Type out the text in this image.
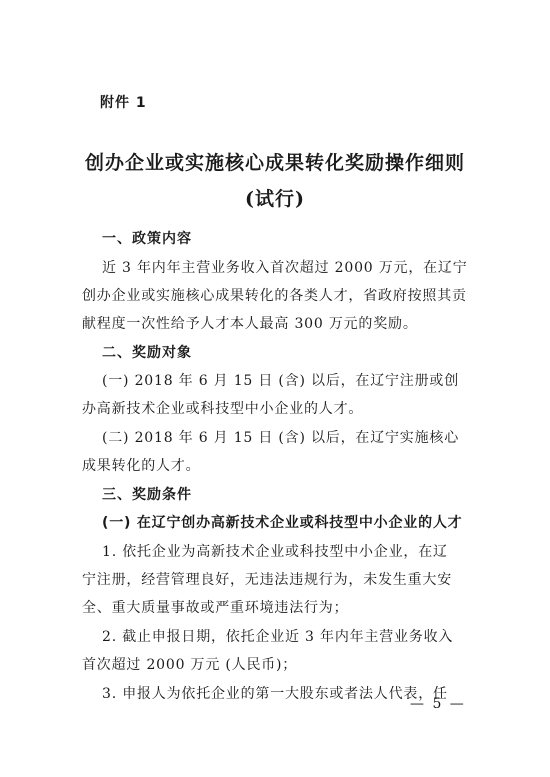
附件 1
创办企业或实施核心成果转化奖励操作细则
(试行)
一、政策内容
近 3 年内年主营业务收入首次超过 2000 万元，在辽宁
创办企业或实施核心成果转化的各类人才，省政府按照其贡
献程度一次性给予人才本人最高 300 万元的奖励。
二、奖励对象
(一) 2018 年 6 月 15 日 (含) 以后，在辽宁注册或创
办高新技术企业或科技型中小企业的人才。
(二) 2018 年 6 月 15 日 (含) 以后，在辽宁实施核心
成果转化的人才。
三、奖励条件
(一) 在辽宁创办高新技术企业或科技型中小企业的人才
1. 依托企业为高新技术企业或科技型中小企业，在辽
宁注册，经营管理良好，无违法违规行为，未发生重大安
全、重大质量事故或严重环境违法行为；
2. 截止申报日期，依托企业近 3 年内年主营业务收入
首次超过 2000 万元 (人民币)；
3. 申报人为依托企业的第一大股东或者法人代表，任
— 5 —
